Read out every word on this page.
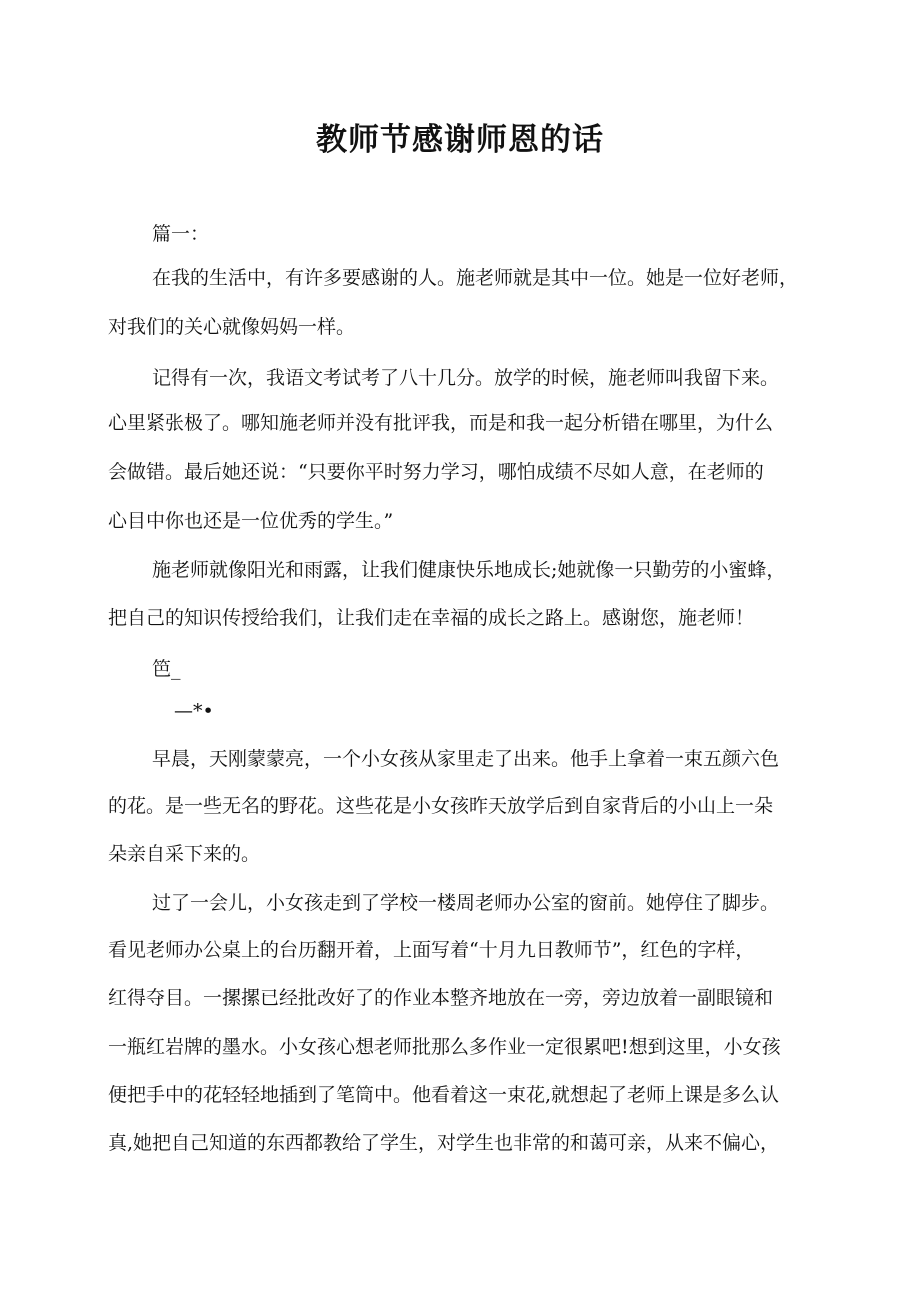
教师节感谢师恩的话
篇一：
在我的生活中，有许多要感谢的人。施老师就是其中一位。她是一位好老师，
对我们的关心就像妈妈一样。
记得有一次，我语文考试考了八十几分。放学的时候，施老师叫我留下来。
心里紧张极了。哪知施老师并没有批评我，而是和我一起分析错在哪里，为什么
会做错。最后她还说：“只要你平时努力学习，哪怕成绩不尽如人意，在老师的
心目中你也还是一位优秀的学生。”
施老师就像阳光和雨露，让我们健康快乐地成长;她就像一只勤劳的小蜜蜂，
把自己的知识传授给我们，让我们走在幸福的成长之路上。感谢您，施老师！
笆_
—*•
早晨，天刚蒙蒙亮，一个小女孩从家里走了出来。他手上拿着一束五颜六色
的花。是一些无名的野花。这些花是小女孩昨天放学后到自家背后的小山上一朵
朵亲自采下来的。
过了一会儿，小女孩走到了学校一楼周老师办公室的窗前。她停住了脚步。
看见老师办公桌上的台历翻开着，上面写着“十月九日教师节”，红色的字样，
红得夺目。一摞摞已经批改好了的作业本整齐地放在一旁，旁边放着一副眼镜和
一瓶红岩牌的墨水。小女孩心想老师批那么多作业一定很累吧!想到这里，小女孩
便把手中的花轻轻地插到了笔筒中。他看着这一束花,就想起了老师上课是多么认
真,她把自己知道的东西都教给了学生，对学生也非常的和蔼可亲，从来不偏心，
